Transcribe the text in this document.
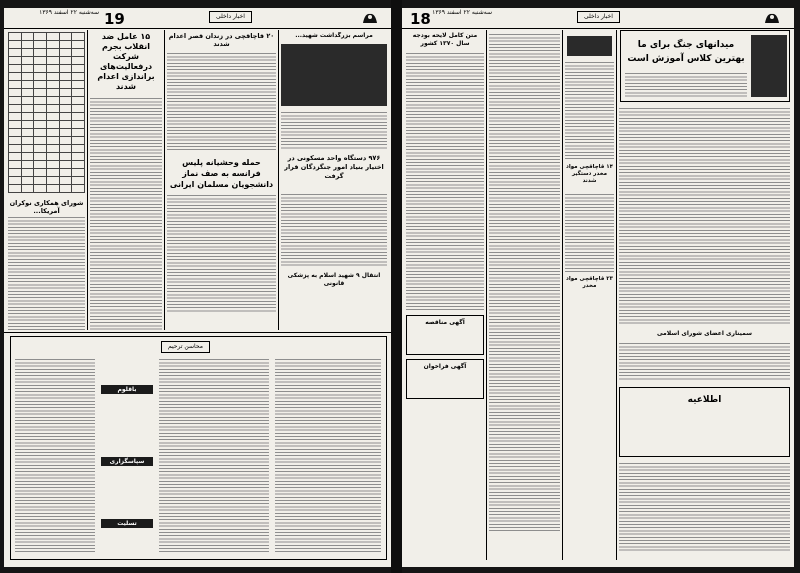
اخبار داخلی
سه‌شنبه ۲۲ اسفند ۱۳۶۹ 19

شورای همکاری نوکران آمریکا...
۱۵ عامل ضد انقلاب بجرم شرکت درفعالیت‌های براندازی اعدام شدند
۲۰ قاچاقچی در زندان قصر اعدام شدند
حمله وحشیانه پلیس فرانسه به صف نماز دانشجویان مسلمان ایرانی
مراسم بزرگداشت شهید...
۹۷۶ دستگاه واحد مسکونی در اختیار بنیاد امور جنگزدگان قرار گرفت
انتقال ۹ شهید اسلام به پزشکی قانونی
محاسن ترحیم
باقلوم
سپاسگزاری
تسلیت
اخبار داخلی
سه‌شنبه ۲۲ اسفند ۱۳۶۹
18
میدانهای جنگ برای ما
بهترین کلاس آموزش است
متن کامل لایحه بودجه سال ۱۳۷۰ کشور
آگهی مناقصه
آگهی فراخوان
۱۴ قاچاقچی مواد مخدر دستگیر شدند
۲۳ قاچاقچی مواد مخدر
سمیناری اعضای شورای اسلامی
اطلاعیه
